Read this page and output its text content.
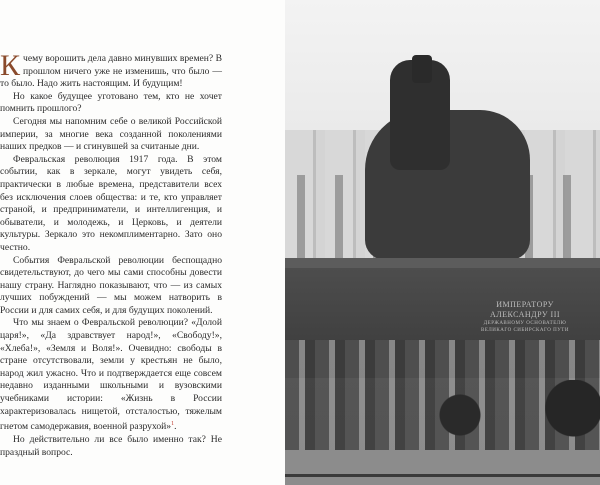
К чему ворошить дела давно минувших времен? В прошлом ничего уже не изменишь, что было — то было. Надо жить настоящим. И будущим!

Но какое будущее уготовано тем, кто не хочет помнить прошлого?

Сегодня мы напомним себе о великой Российской империи, за многие века созданной поколениями наших предков — и сгинувшей за считаные дни.

Февральская революция 1917 года. В этом событии, как в зеркале, могут увидеть себя, практически в любые времена, представители всех без исключения слоев общества: и те, кто управляет страной, и предприниматели, и интеллигенция, и обыватели, и молодежь, и Церковь, и деятели культуры. Зеркало это некомплиментарно. Зато оно честно.

События Февральской революции беспощадно свидетельствуют, до чего мы сами способны довести нашу страну. Наглядно показывают, что — из самых лучших побуждений — мы можем натворить в России и для самих себя, и для будущих поколений.

Что мы знаем о Февральской революции? «Долой царя!», «Да здравствует народ!», «Свободу!», «Хлеба!», «Земля и Воля!». Очевидно: свободы в стране отсутствовали, земли у крестьян не было, народ жил ужасно. Что и подтверждается еще совсем недавно изданными школьными и вузовскими учебниками истории: «Жизнь в России характеризовалась нищетой, отсталостью, тяжелым гнетом самодержавия, военной разрухой»$^1$.

Но действительно ли все было именно так? Не праздный вопрос.

ИМПЕРАТОРУ АЛЕКСАНДРУ III
ДЕРЖАВНОМУ ОСНОВАТЕЛЮ
ВЕЛИКАГО СИБИРСКАГО ПУТИ
